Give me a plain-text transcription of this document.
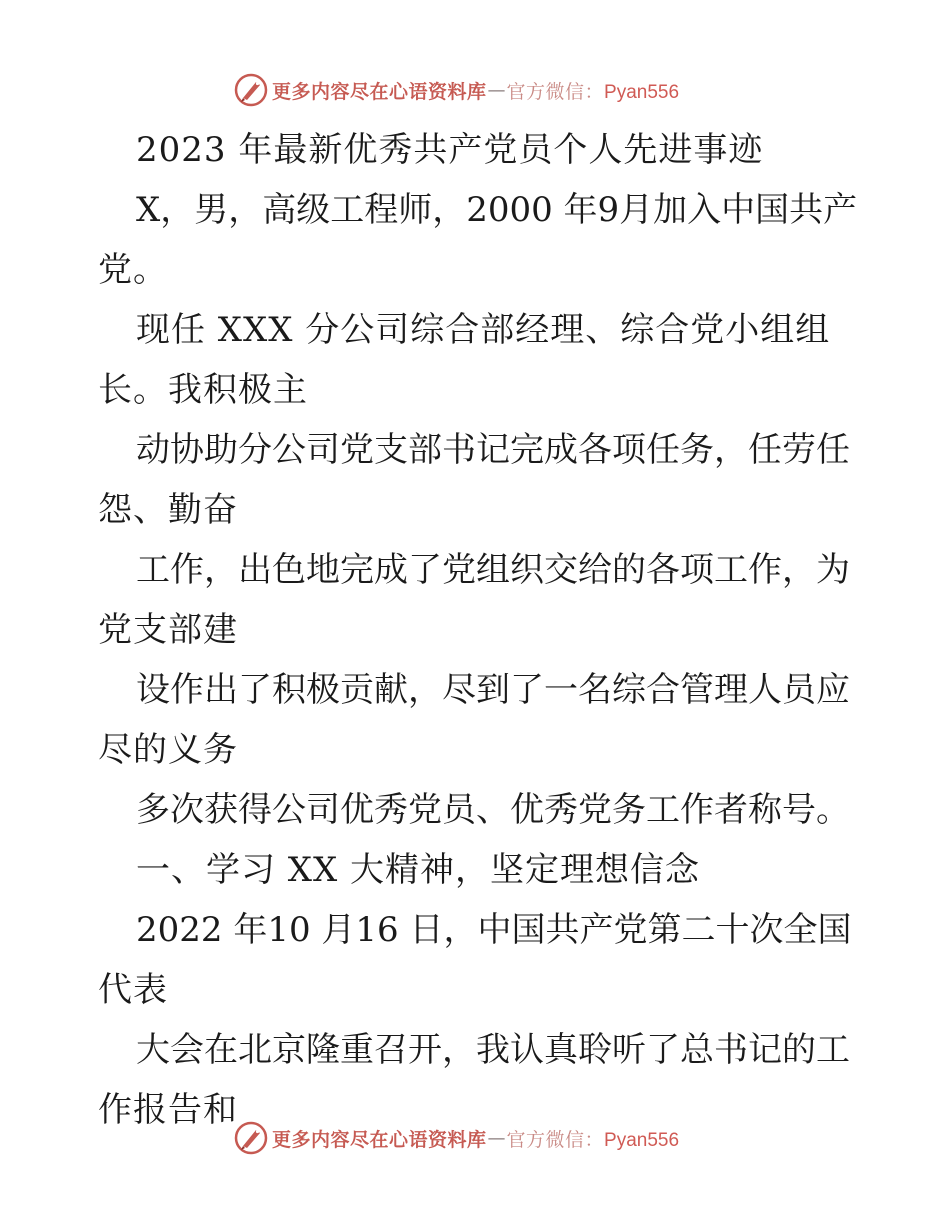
更多内容尽在心语资料库 — 官方微信：Pyan556
2023 年最新优秀共产党员个人先进事迹
X，男，高级工程师，2000 年9月加入中国共产
党。
现任 XXX 分公司综合部经理、综合党小组组
长。我积极主
动协助分公司党支部书记完成各项任务，任劳任
怨、勤奋
工作，出色地完成了党组织交给的各项工作，为
党支部建
设作出了积极贡献，尽到了一名综合管理人员应
尽的义务
多次获得公司优秀党员、优秀党务工作者称号。
一、学习 XX 大精神，坚定理想信念
2022 年10 月16 日，中国共产党第二十次全国
代表
大会在北京隆重召开，我认真聆听了总书记的工
作报告和
更多内容尽在心语资料库 — 官方微信：Pyan556
